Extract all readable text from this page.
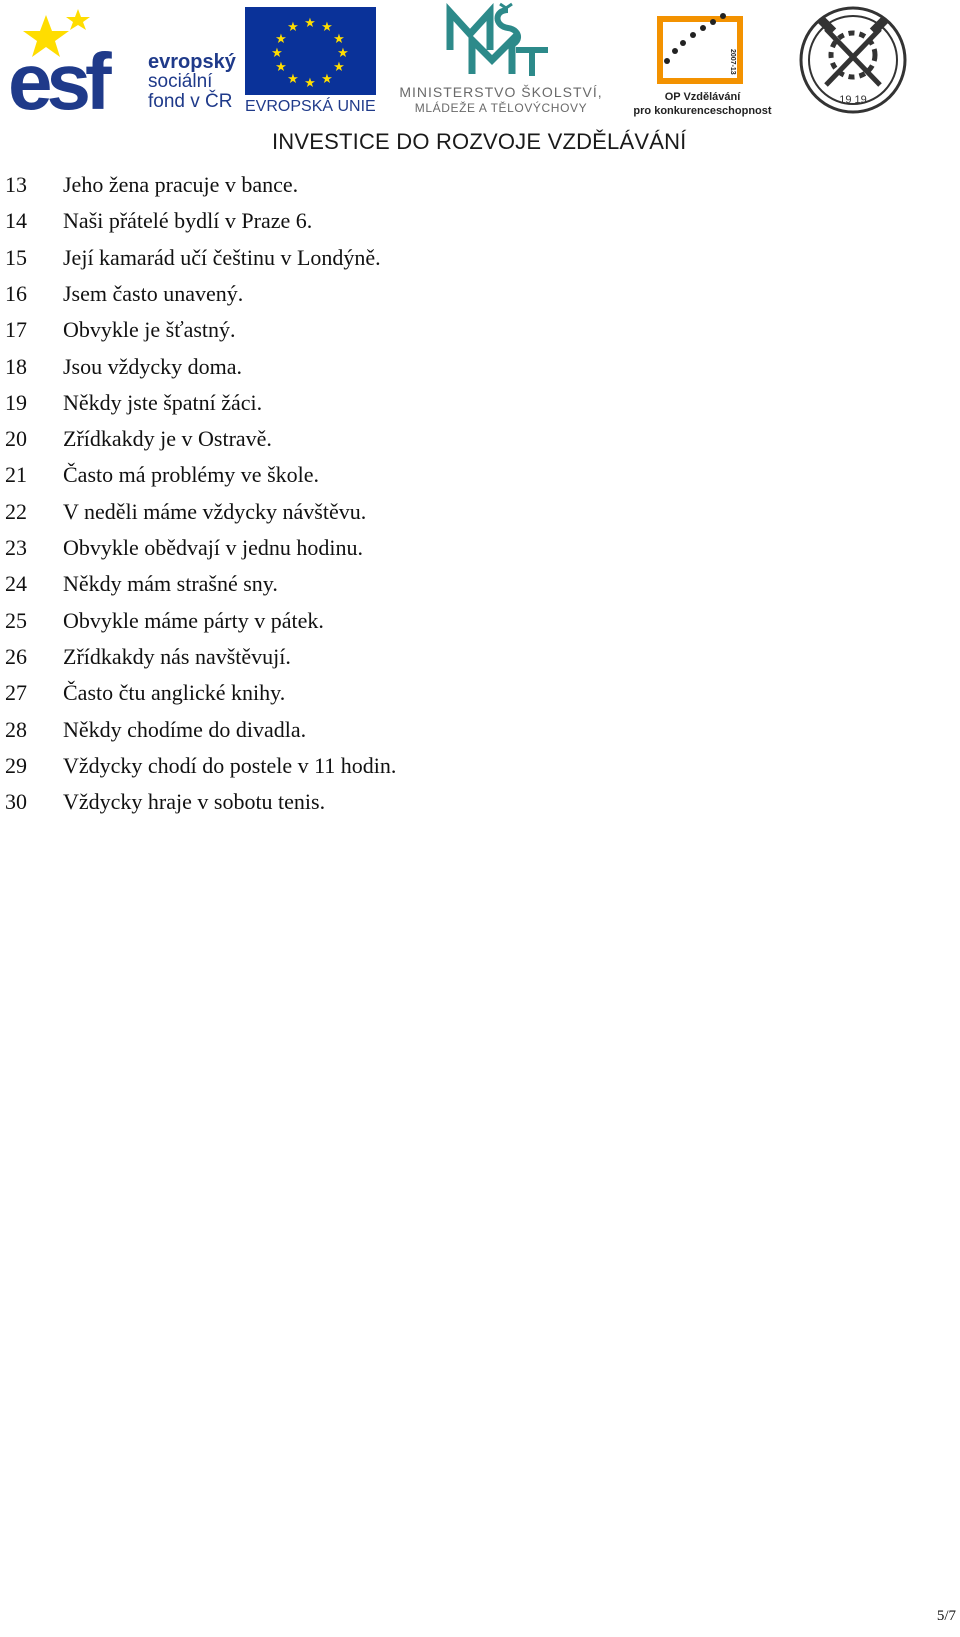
esf	evropský
sociální
fond v ČR
★ ★
★
★
★
★
★
★
★
★
★
★
EVROPSKÁ UNIE
MINISTERSTVO ŠKOLSTVÍ,
MLÁDEŽE A TĚLOVÝCHOVY
2007-13
OP Vzdělávání
pro konkurenceschopnost
19 19
INVESTICE DO ROZVOJE VZDĚLÁVÁNÍ
13	Jeho žena pracuje v bance.
14	Naši přátelé bydlí v Praze 6.
15	Její kamarád učí češtinu v Londýně.
16	Jsem často unavený.
17	Obvykle je šťastný.
18	Jsou vždycky doma.
19	Někdy jste špatní žáci.
20	Zřídkakdy je v Ostravě.
21	Často má problémy ve škole.
22	V neděli máme vždycky návštěvu.
23	Obvykle obědvají v jednu hodinu.
24	Někdy mám strašné sny.
25	Obvykle máme párty v pátek.
26	Zřídkakdy nás navštěvují.
27	Často čtu anglické knihy.
28	Někdy chodíme do divadla.
29	Vždycky chodí do postele v 11 hodin.
30	Vždycky hraje v sobotu tenis.
5/7
